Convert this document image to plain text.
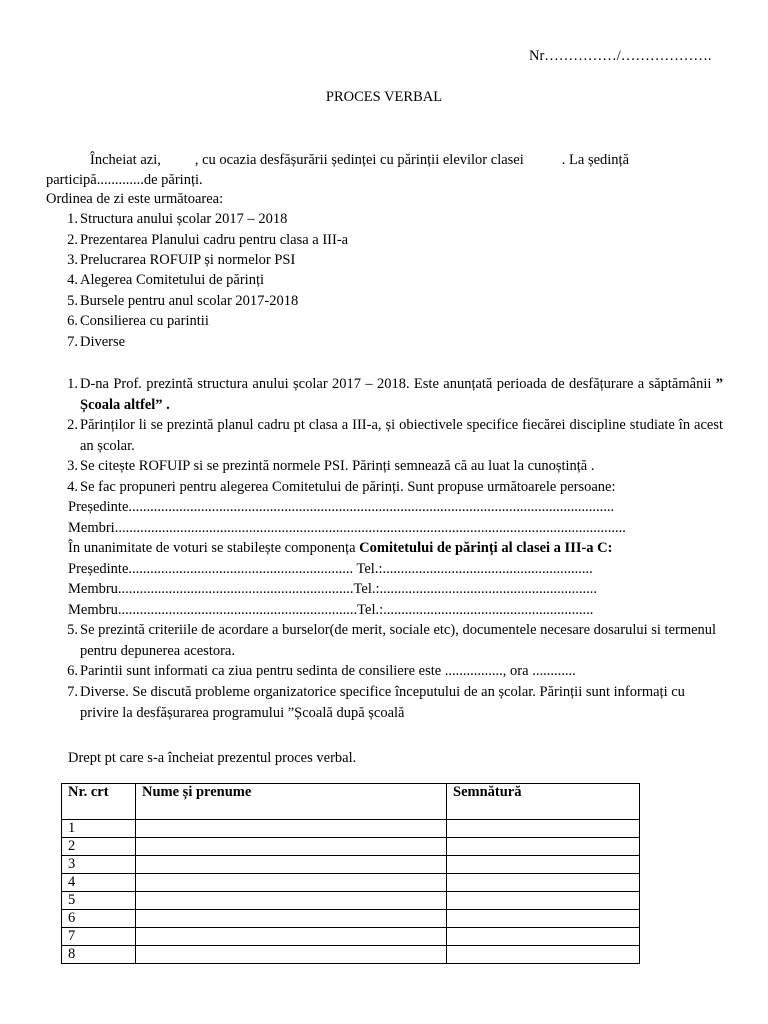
Nr……………/……………….
PROCES VERBAL
Încheiat azi, , cu ocazia desfășurării ședinței cu părinții elevilor clasei	. La ședință
participă.............de părinți.
Ordinea de zi este următoarea:
1. Structura anului școlar 2017 – 2018
2. Prezentarea Planului cadru pentru clasa a III-a
3. Prelucrarea ROFUIP și normelor PSI
4. Alegerea Comitetului de părinți
5. Bursele pentru anul scolar 2017-2018
6. Consilierea cu parintii
7. Diverse
1. D-na Prof. prezintă structura anului școlar 2017 – 2018. Este anunțată perioada de desfățurare a săptămânii ” Școala altfel” .
2. Părinților li se prezintă planul cadru pt clasa a III-a, și obiectivele specifice fiecărei discipline studiate în acest an școlar.
3. Se citește ROFUIP si se prezintă normele PSI. Părinți semnează că au luat la cunoștință .
4. Se fac propuneri pentru alegerea Comitetului de părinți. Sunt propuse următoarele persoane:
Președinte......................................................................................................................................
Membri.............................................................................................................................................
În unanimitate de voturi se stabilește componența Comitetului de părinți al clasei a III-a C:
Președinte.............................................................. Tel.:..........................................................
Membru.................................................................Tel.:............................................................
Membru..................................................................Tel.:..........................................................
5. Se prezintă criteriile de acordare a burselor(de merit, sociale etc), documentele necesare dosarului si termenul pentru depunerea acestora.
6. Parintii sunt informati ca ziua pentru sedinta de consiliere este ................, ora ............
7. Diverse. Se discută probleme organizatorice specifice începutului de an școlar. Părinții sunt informați cu privire la desfășurarea programului ”Școală după școală
Drept pt care s-a încheiat prezentul proces verbal.
Nr. crt	Nume și prenume	Semnătură
1		
2		
3		
4		
5		
6		
7		
8		
